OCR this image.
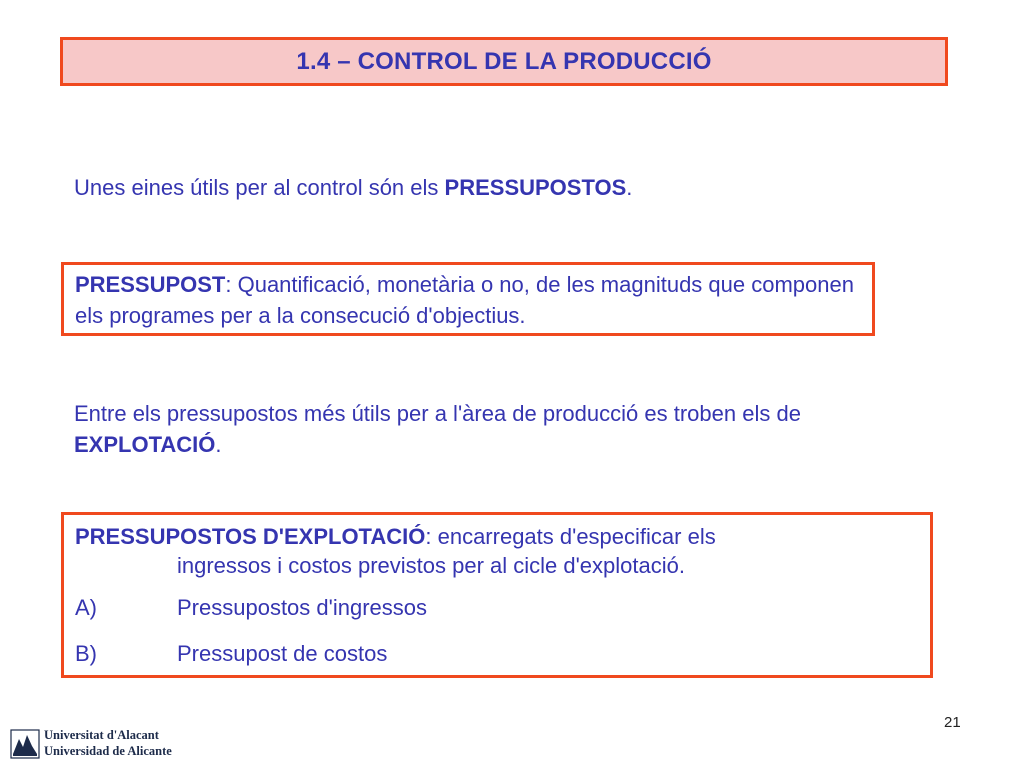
1.4 – CONTROL DE LA PRODUCCIÓ
Unes eines útils per al control són els PRESSUPOSTOS.
PRESSUPOST: Quantificació, monetària o no, de les magnituds que componen els programes per a la consecució d'objectius.
Entre els pressupostos més útils per a l'àrea de producció es troben els de EXPLOTACIÓ.
PRESSUPOSTOS D'EXPLOTACIÓ: encarregats d'especificar els
ingressos i costos previstos per al cicle d'explotació.
A)	Pressupostos d'ingressos
B)	Pressupost de costos
21
Universitat d'Alacant
Universidad de Alicante
